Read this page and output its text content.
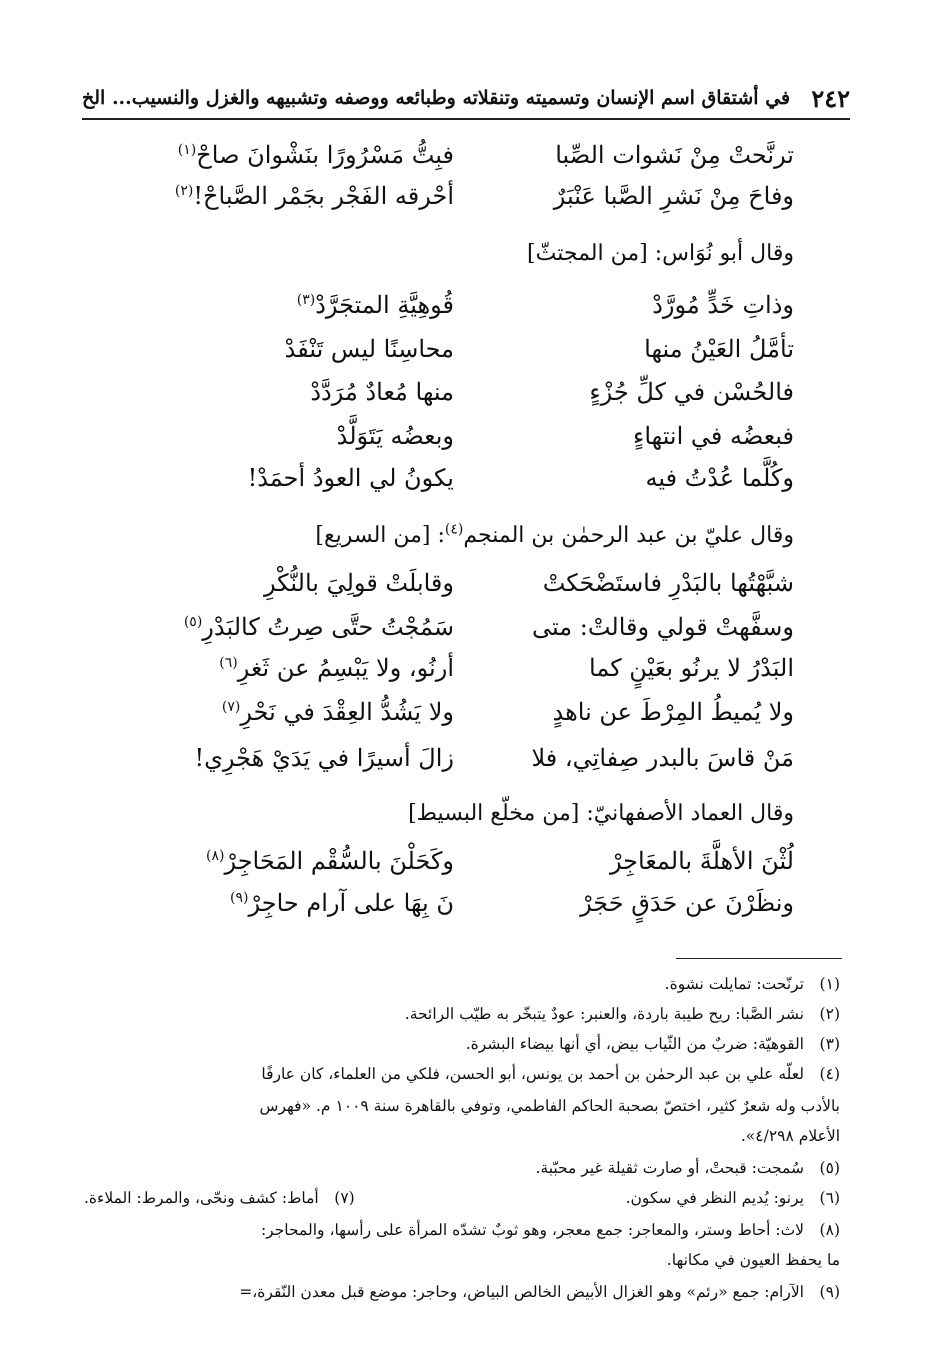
٢٤٢
في أشتقاق اسم الإنسان وتسميته وتنقلاته وطبائعه ووصفه وتشبيهه والغزل والنسيب... الخ
ترنَّحتْ مِنْ نَشوات الصِّبا
فبِتُّ مَسْرُورًا بنَشْوانَ صاحْ$^{(١)}$
وفاحَ مِنْ نَشرِ الصَّبا عَنْبَرٌ
أحْرقه الفَجْر بجَمْر الصَّباحْ!$^{(٢)}$
وقال أبو نُوَاس: [من المجتثّ]
وذاتِ خَدٍّ مُورَّدْ
قُوهِيَّةِ المتجَرَّدْ$^{(٣)}$
تأمَّلُ العَيْنُ منها
محاسِنًا ليس تَنْفَدْ
فالحُسْن في كلِّ جُزْءٍ
منها مُعادٌ مُرَدَّدْ
فبعضُه في انتهاءٍ
وبعضُه يَتَوَلَّدْ
وكُلَّما عُدْتُ فيه
يكونُ لي العودُ أحمَدْ!
وقال عليّ بن عبد الرحمٰن بن المنجم$^{(٤)}$: [من السريع]
شبَّهْتُها بالبَدْرِ فاستَضْحَكتْ
وقابلَتْ قولِيَ بالنُّكْرِ
وسفَّهتْ قولي وقالتْ: متى
سَمُجْتُ حتَّى صِرتُ كالبَدْرِ$^{(٥)}$
البَدْرُ لا يرنُو بعَيْنٍ كما
أرنُو، ولا يَبْسِمُ عن ثَغرِ$^{(٦)}$
ولا يُميطُ المِرْطَ عن ناهدٍ
ولا يَشُدُّ العِقْدَ في نَحْرِ$^{(٧)}$
مَنْ قاسَ بالبدر صِفاتِي، فلا
زالَ أسيرًا في يَدَيْ هَجْرِي!
وقال العماد الأصفهانيّ: [من مخلّع البسيط]
لُثْنَ الأهلَّةَ بالمعَاجِرْ
وكَحَلْنَ بالسُّقْم المَحَاجِرْ$^{(٨)}$
ونظَرْنَ عن حَدَقٍ حَجَرْ
نَ بِهَا على آرام حاجِرْ$^{(٩)}$
(١)ترنّحت: تمايلت نشوة.
(٢)نشر الصَّبا: ريح طيبة باردة، والعنبر: عودٌ يتبخّر به طيّب الرائحة.
(٣)القوهيّة: ضربٌ من الثّياب بيض، أي أنها بيضاء البشرة.
(٤)لعلّه علي بن عبد الرحمٰن بن أحمد بن يونس، أبو الحسن، فلكي من العلماء، كان عارفًا
بالأدب وله شعرٌ كثير، اختصّ بصحبة الحاكم الفاطمي، وتوفي بالقاهرة سنة ١٠٠٩ م. «فهرس
الأعلام ٤/٢٩٨».
(٥)سُمجت: قبحتْ، أو صارت ثقيلة غير محبّبة.
(٦)يرنو: يُديم النظر في سكون.
(٧)أماط: كشف ونحّى، والمرط: الملاءة.
(٨)لاث: أحاط وستر، والمعاجر: جمع معجر، وهو ثوبٌ تشدّه المرأة على رأسها، والمحاجر:
ما يحفظ العيون في مكانها.
(٩)الآرام: جمع «رئم» وهو الغزال الأبيض الخالص البياض، وحاجر: موضع قبل معدن النّقرة،=
